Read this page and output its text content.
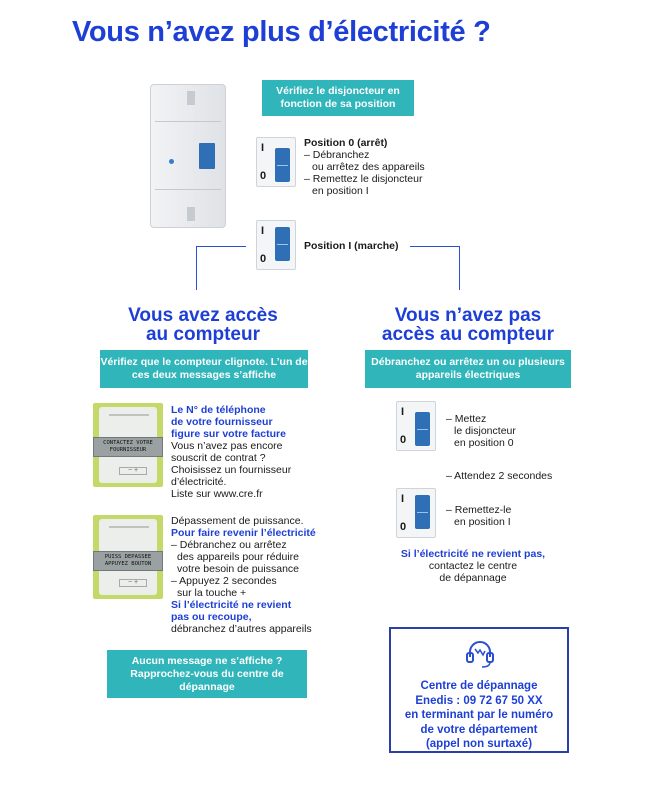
Vous n’avez plus d’électricité ?
Vérifiez le disjoncteur en fonction de sa position
I
0
Position 0 (arrêt)
– Débranchez
ou arrêtez des appareils
– Remettez le disjoncteur
en position I
I
0
Position I (marche)
Vous avez accès
au compteur
Vérifiez que le compteur clignote. L’un de ces deux messages s’affiche
− +
CONTACTEZ VOTRE FOURNISSEUR
Le N° de téléphone
de votre fournisseur
figure sur votre facture
Vous n’avez pas encore
souscrit de contrat ?
Choisissez un fournisseur
d’électricité.
Liste sur www.cre.fr
− +
PUISS DEPASSEE APPUYEZ BOUTON
Dépassement de puissance.
Pour faire revenir l’électricité
– Débranchez ou arrêtez
des appareils pour réduire
votre besoin de puissance
– Appuyez 2 secondes
sur la touche +
Si l’électricité ne revient
pas ou recoupe,
débranchez d’autres appareils
Aucun message ne s’affiche ? Rapprochez-vous du centre de dépannage
Vous n’avez pas
accès au compteur
Débranchez ou arrêtez un ou plusieurs appareils électriques
I
0
– Mettez
le disjoncteur
en position 0
– Attendez 2 secondes
I
0
– Remettez-le
en position I
Si l’électricité ne revient pas,
contactez le centre
de dépannage
Centre de dépannage
Enedis : 09 72 67 50 XX
en terminant par le numéro
de votre département
(appel non surtaxé)
